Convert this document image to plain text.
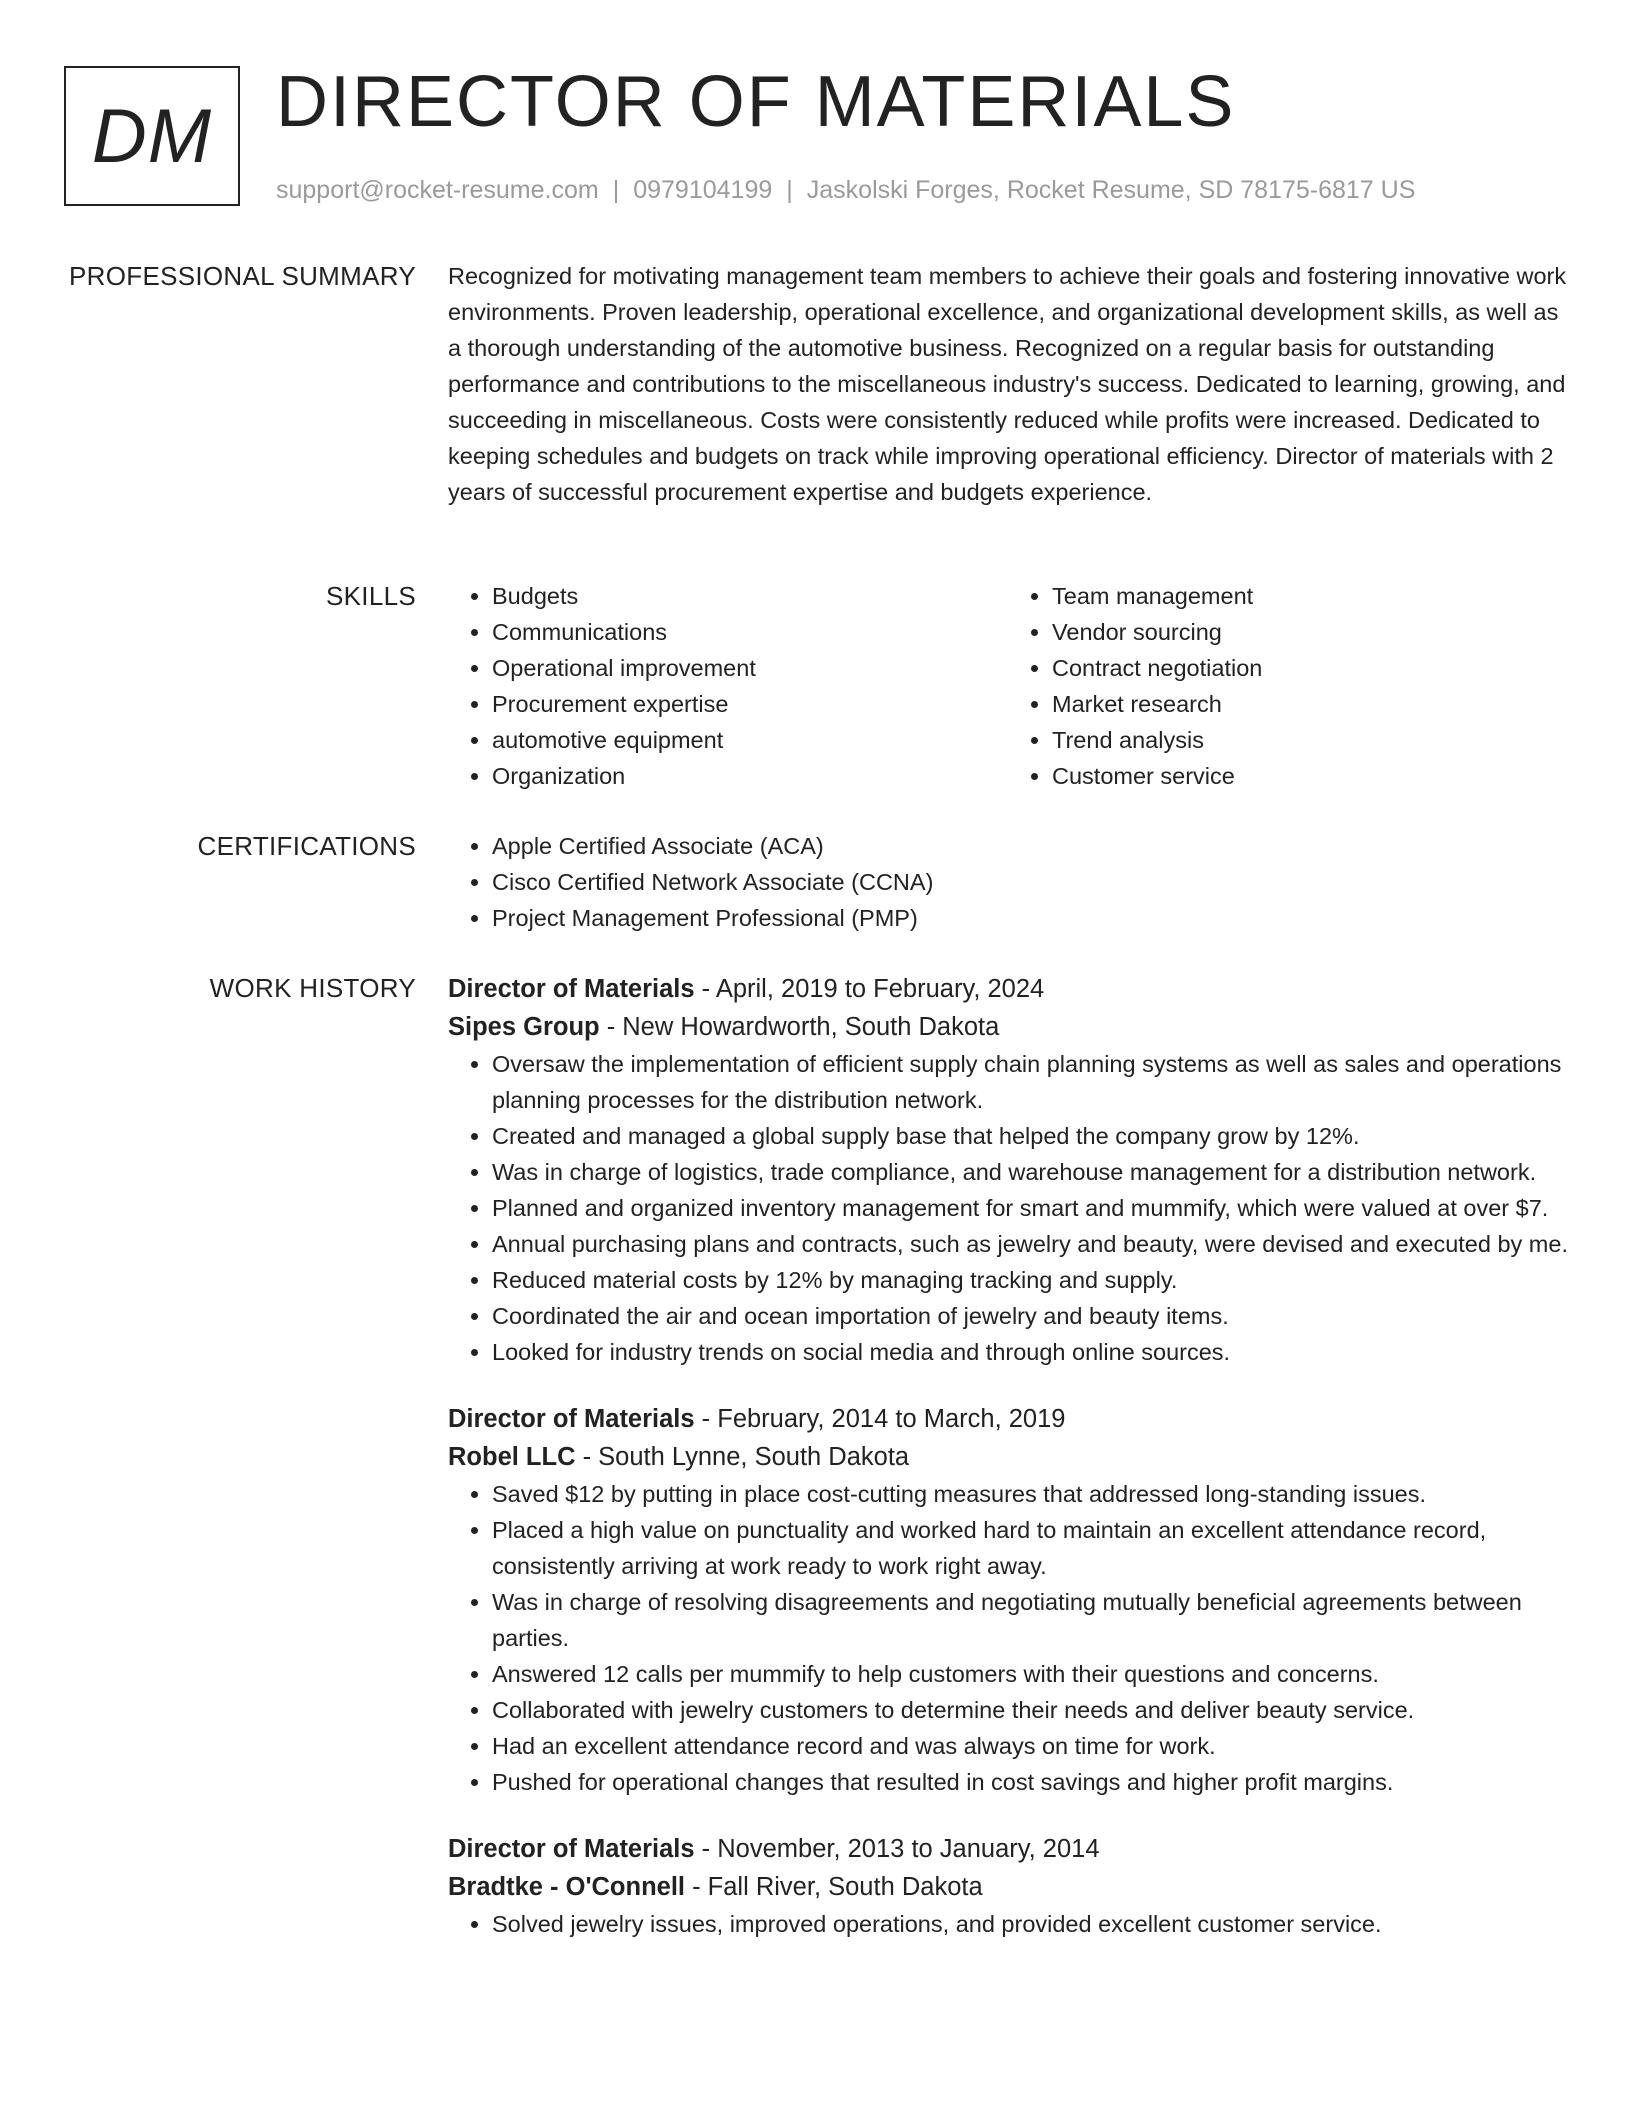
DM DIRECTOR OF MATERIALS
support@rocket-resume.com | 0979104199 | Jaskolski Forges, Rocket Resume, SD 78175-6817 US
PROFESSIONAL SUMMARY Recognized for motivating management team members to achieve their goals and fostering innovative work environments. Proven leadership, operational excellence, and organizational development skills, as well as a thorough understanding of the automotive business. Recognized on a regular basis for outstanding performance and contributions to the miscellaneous industry's success. Dedicated to learning, growing, and succeeding in miscellaneous. Costs were consistently reduced while profits were increased. Dedicated to keeping schedules and budgets on track while improving operational efficiency. Director of materials with 2 years of successful procurement expertise and budgets experience.

SKILLS	• Budgets
• Communications
• Operational improvement
• Procurement expertise
• automotive equipment
• Organization
• Team management
• Vendor sourcing
• Contract negotiation
• Market research
• Trend analysis
• Customer service
CERTIFICATIONS	• Apple Certified Associate (ACA)
• Cisco Certified Network Associate (CCNA)
• Project Management Professional (PMP)
WORK HISTORY Director of Materials - April, 2019 to February, 2024
Sipes Group - New Howardworth, South Dakota
• Oversaw the implementation of efficient supply chain planning systems as well as sales and operations planning processes for the distribution network.
• Created and managed a global supply base that helped the company grow by 12%.
• Was in charge of logistics, trade compliance, and warehouse management for a distribution network.
• Planned and organized inventory management for smart and mummify, which were valued at over $7.
• Annual purchasing plans and contracts, such as jewelry and beauty, were devised and executed by me.
• Reduced material costs by 12% by managing tracking and supply.
• Coordinated the air and ocean importation of jewelry and beauty items.
• Looked for industry trends on social media and through online sources.
Director of Materials - February, 2014 to March, 2019
Robel LLC - South Lynne, South Dakota
• Saved $12 by putting in place cost-cutting measures that addressed long-standing issues.
• Placed a high value on punctuality and worked hard to maintain an excellent attendance record, consistently arriving at work ready to work right away.
• Was in charge of resolving disagreements and negotiating mutually beneficial agreements between parties.
• Answered 12 calls per mummify to help customers with their questions and concerns.
• Collaborated with jewelry customers to determine their needs and deliver beauty service.
• Had an excellent attendance record and was always on time for work.
• Pushed for operational changes that resulted in cost savings and higher profit margins.
Director of Materials - November, 2013 to January, 2014
Bradtke - O'Connell - Fall River, South Dakota
• Solved jewelry issues, improved operations, and provided excellent customer service.
